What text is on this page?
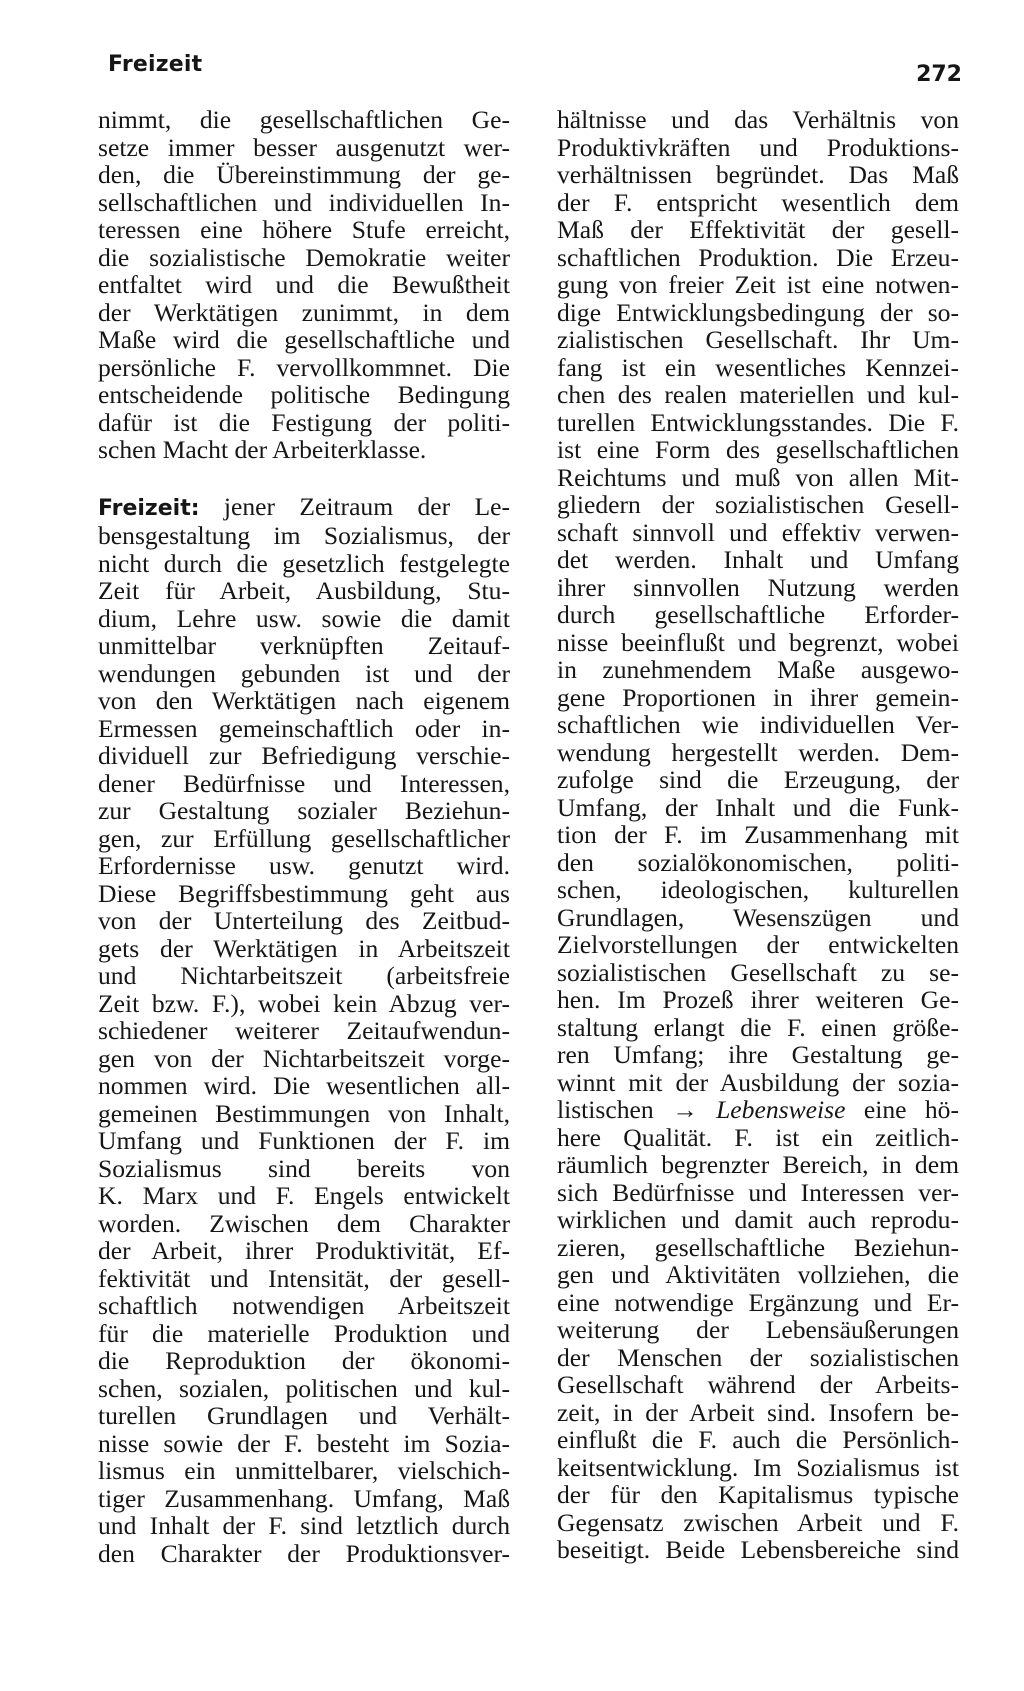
Freizeit	272
nimmt, die gesellschaftlichen Ge-
setze immer besser ausgenutzt wer-
den, die Übereinstimmung der ge-
sellschaftlichen und individuellen In-
teressen eine höhere Stufe erreicht,
die sozialistische Demokratie weiter
entfaltet wird und die Bewußtheit
der Werktätigen zunimmt, in dem
Maße wird die gesellschaftliche und
persönliche F. vervollkommnet. Die
entscheidende politische Bedingung
dafür ist die Festigung der politi-
schen Macht der Arbeiterklasse.
Freizeit: jener Zeitraum der Le-
bensgestaltung im Sozialismus, der
nicht durch die gesetzlich festgelegte
Zeit für Arbeit, Ausbildung, Stu-
dium, Lehre usw. sowie die damit
unmittelbar verknüpften Zeitauf-
wendungen gebunden ist und der
von den Werktätigen nach eigenem
Ermessen gemeinschaftlich oder in-
dividuell zur Befriedigung verschie-
dener Bedürfnisse und Interessen,
zur Gestaltung sozialer Beziehun-
gen, zur Erfüllung gesellschaftlicher
Erfordernisse usw. genutzt wird.
Diese Begriffsbestimmung geht aus
von der Unterteilung des Zeitbud-
gets der Werktätigen in Arbeitszeit
und Nichtarbeitszeit (arbeitsfreie
Zeit bzw. F.), wobei kein Abzug ver-
schiedener weiterer Zeitaufwendun-
gen von der Nichtarbeitszeit vorge-
nommen wird. Die wesentlichen all-
gemeinen Bestimmungen von Inhalt,
Umfang und Funktionen der F. im
Sozialismus sind bereits von
K. Marx und F. Engels entwickelt
worden. Zwischen dem Charakter
der Arbeit, ihrer Produktivität, Ef-
fektivität und Intensität, der gesell-
schaftlich notwendigen Arbeitszeit
für die materielle Produktion und
die Reproduktion der ökonomi-
schen, sozialen, politischen und kul-
turellen Grundlagen und Verhält-
nisse sowie der F. besteht im Sozia-
lismus ein unmittelbarer, vielschich-
tiger Zusammenhang. Umfang, Maß
und Inhalt der F. sind letztlich durch
den Charakter der Produktionsver-
hältnisse und das Verhältnis von
Produktivkräften und Produktions-
verhältnissen begründet. Das Maß
der F. entspricht wesentlich dem
Maß der Effektivität der gesell-
schaftlichen Produktion. Die Erzeu-
gung von freier Zeit ist eine notwen-
dige Entwicklungsbedingung der so-
zialistischen Gesellschaft. Ihr Um-
fang ist ein wesentliches Kennzei-
chen des realen materiellen und kul-
turellen Entwicklungsstandes. Die F.
ist eine Form des gesellschaftlichen
Reichtums und muß von allen Mit-
gliedern der sozialistischen Gesell-
schaft sinnvoll und effektiv verwen-
det werden. Inhalt und Umfang
ihrer sinnvollen Nutzung werden
durch gesellschaftliche Erforder-
nisse beeinflußt und begrenzt, wobei
in zunehmendem Maße ausgewo-
gene Proportionen in ihrer gemein-
schaftlichen wie individuellen Ver-
wendung hergestellt werden. Dem-
zufolge sind die Erzeugung, der
Umfang, der Inhalt und die Funk-
tion der F. im Zusammenhang mit
den sozialökonomischen, politi-
schen, ideologischen, kulturellen
Grundlagen, Wesenszügen und
Zielvorstellungen der entwickelten
sozialistischen Gesellschaft zu se-
hen. Im Prozeß ihrer weiteren Ge-
staltung erlangt die F. einen größe-
ren Umfang; ihre Gestaltung ge-
winnt mit der Ausbildung der sozia-
listischen → Lebensweise eine hö-
here Qualität. F. ist ein zeitlich-
räumlich begrenzter Bereich, in dem
sich Bedürfnisse und Interessen ver-
wirklichen und damit auch reprodu-
zieren, gesellschaftliche Beziehun-
gen und Aktivitäten vollziehen, die
eine notwendige Ergänzung und Er-
weiterung der Lebensäußerungen
der Menschen der sozialistischen
Gesellschaft während der Arbeits-
zeit, in der Arbeit sind. Insofern be-
einflußt die F. auch die Persönlich-
keitsentwicklung. Im Sozialismus ist
der für den Kapitalismus typische
Gegensatz zwischen Arbeit und F.
beseitigt. Beide Lebensbereiche sind
